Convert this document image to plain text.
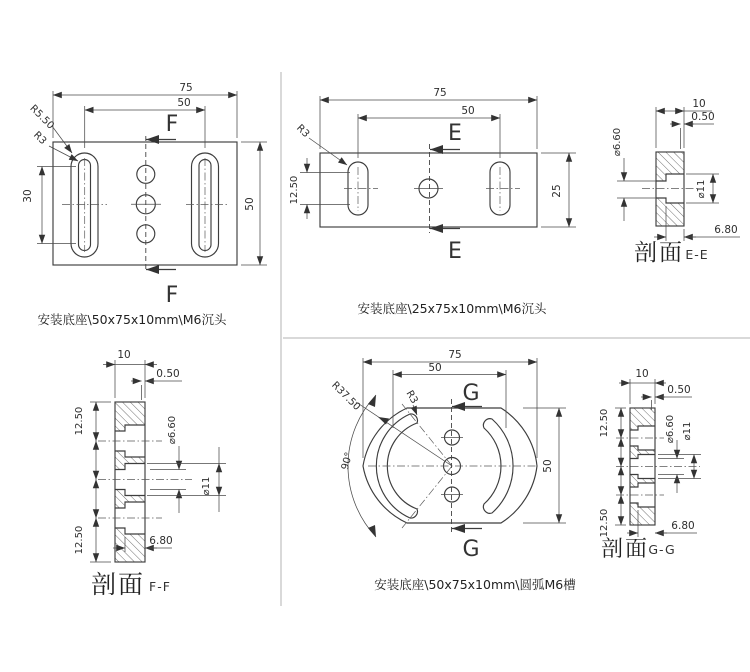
F
F
75
50
30
50
R5.50
R3
安装底座\50x75x10mm\M6沉头
E
E
75
50
12.50	25
R3
安装底座\25x75x10mm\M6沉头
10
0.50
⌀6.60
⌀11
6.80
剖面 E-E
10
0.50
12.50
12.50
⌀6.60
⌀11
6.80
剖面 F-F
G
G
75
50
50
90°
R37.50	R3
安装底座\50x75x10mm\圆弧M6槽
10
0.50
12.50
12.50
⌀6.60 ⌀11
6.80
剖面 G-G
